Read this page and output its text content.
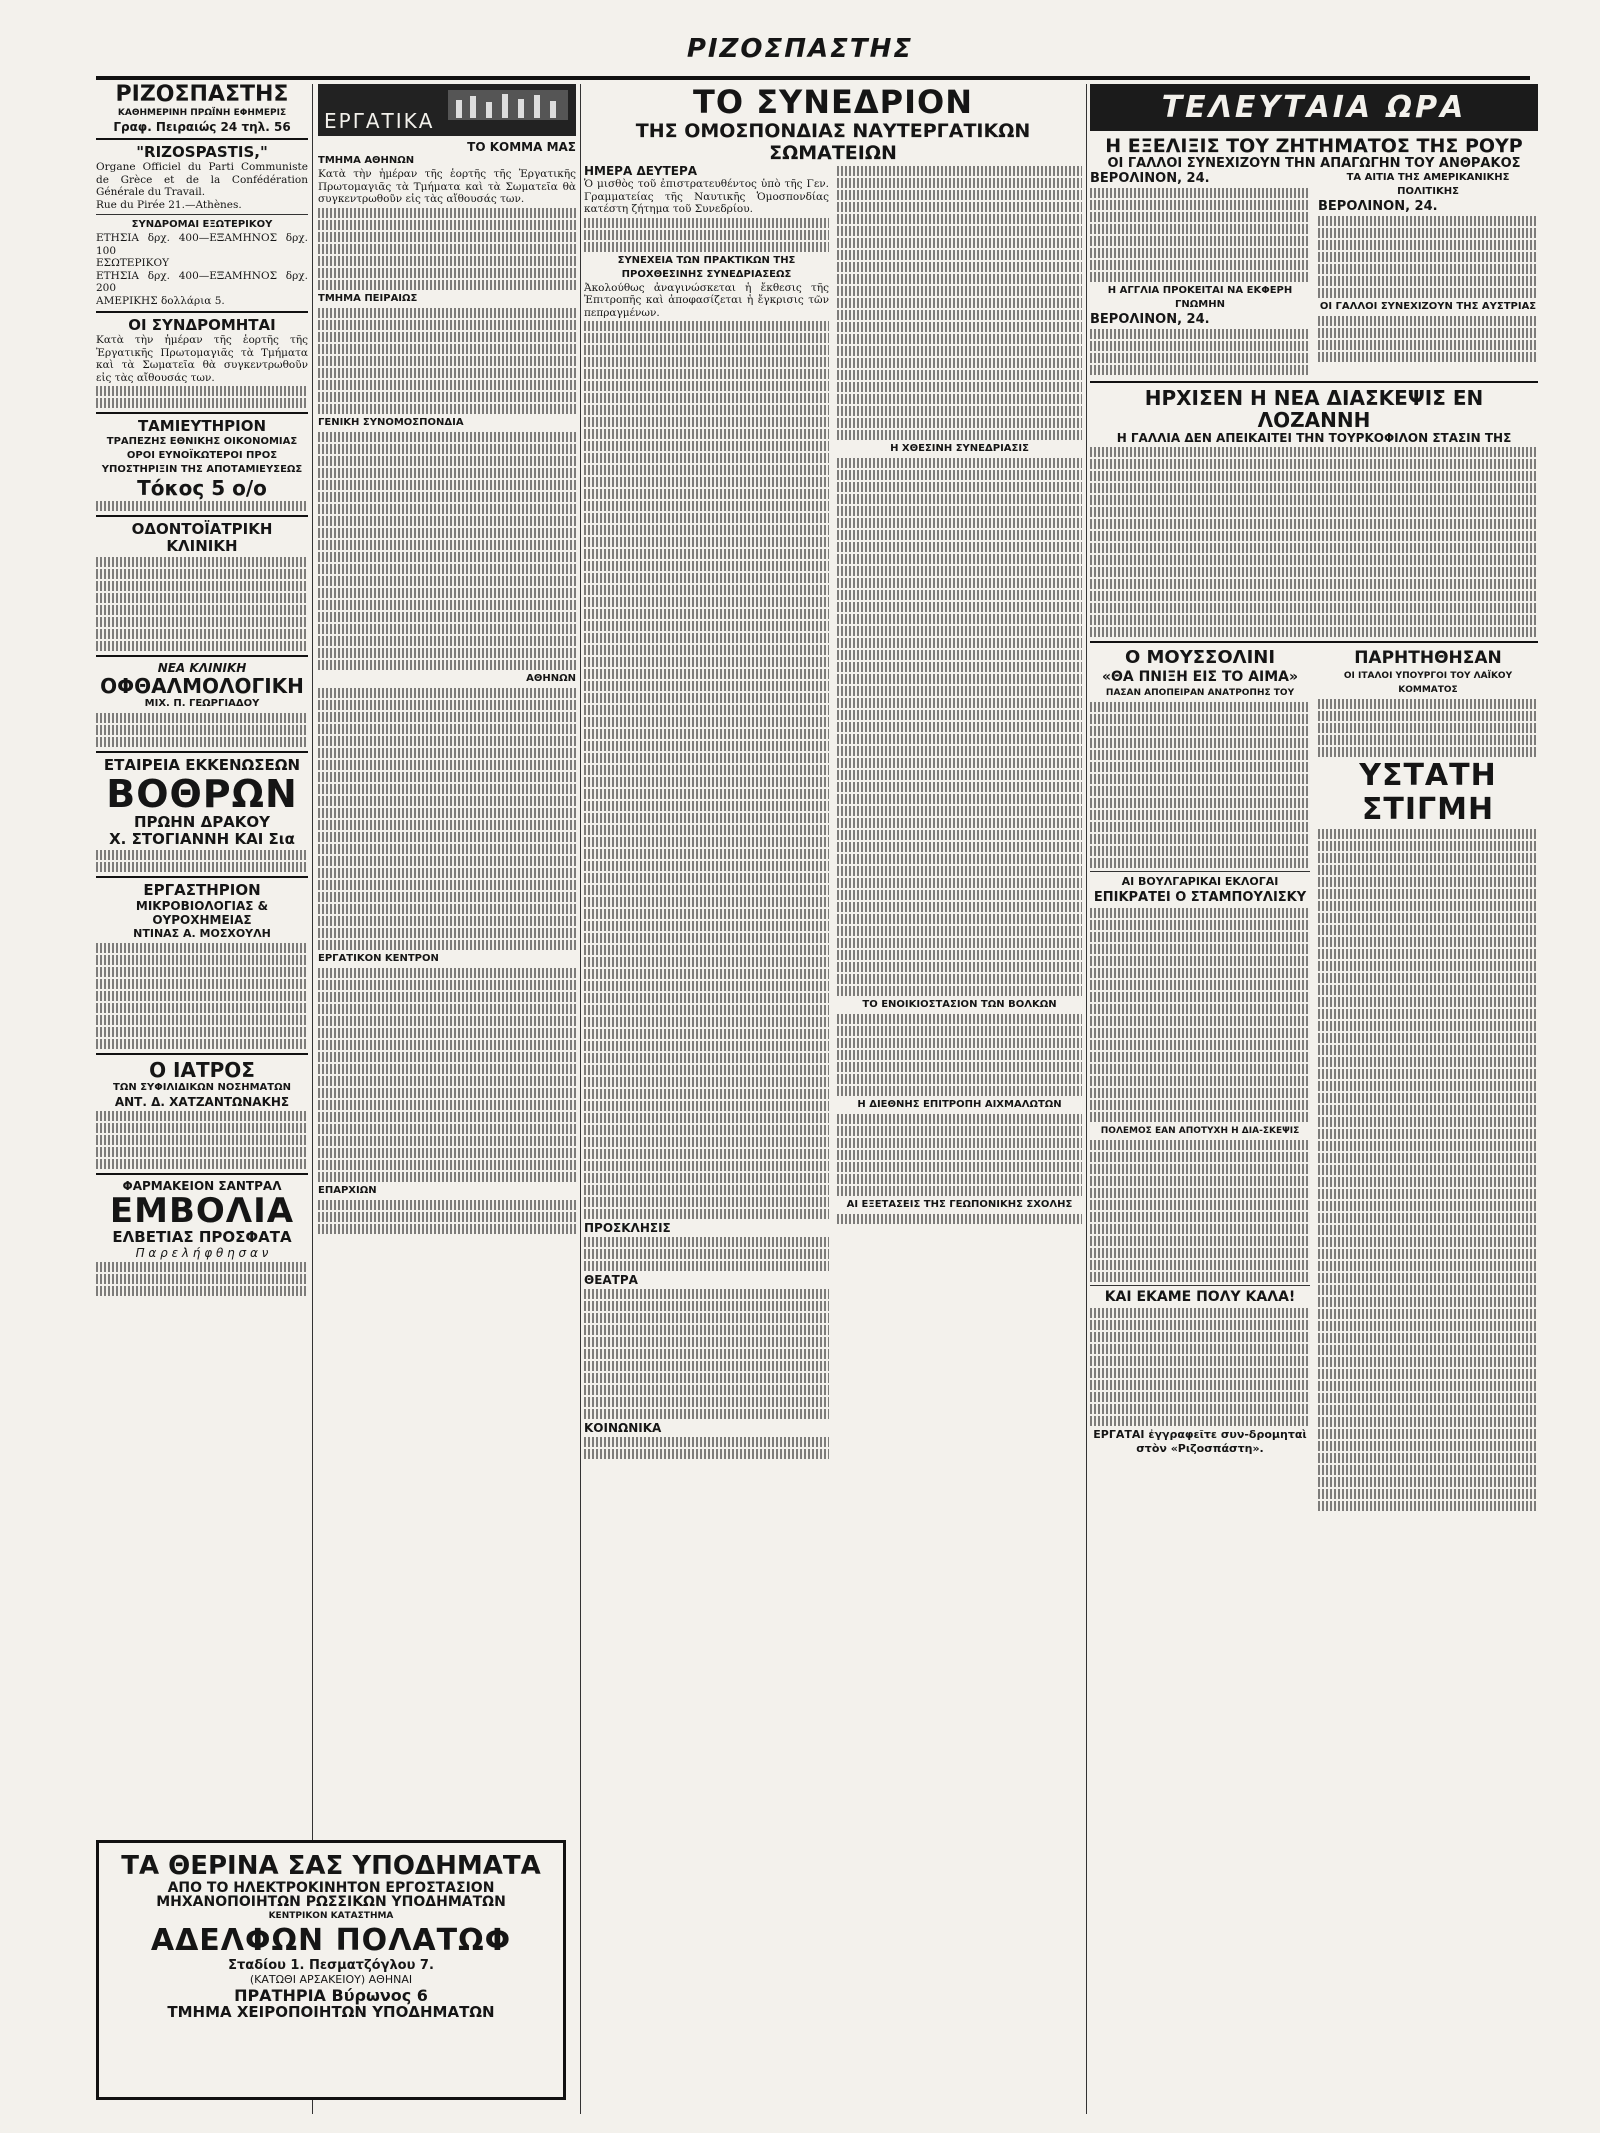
ΡΙΖΟΣΠΑΣΤΗΣ
ΡΙΖΟΣΠΑΣΤΗΣ
ΚΑΘΗΜΕΡΙΝΗ ΠΡΩΪΝΗ ΕΦΗΜΕΡΙΣ
Γραφ. Πειραιώς 24 τηλ. 56
"RIZOSPASTIS,"
Organe Officiel du Parti Communiste de Grèce et de la Confédération Générale du Travail.
Rue du Pirée 21.—Athènes.
ΣΥΝΔΡΟΜΑΙ ΕΞΩΤΕΡΙΚΟΥ
ΕΤΗΣΙΑ δρχ. 400—ΕΞΑΜΗΝΟΣ δρχ. 100
ΕΣΩΤΕΡΙΚΟΥ
ΕΤΗΣΙΑ δρχ. 400—ΕΞΑΜΗΝΟΣ δρχ. 200
ΑΜΕΡΙΚΗΣ δολλάρια 5.
ΟΙ ΣΥΝΔΡΟΜΗΤΑΙ
Κατὰ τὴν ἡμέραν τῆς ἑορτῆς τῆς Ἐργατικῆς Πρωτομαγιᾶς τὰ Τμήματα καὶ τὰ Σωματεῖα θὰ συγκεντρωθοῦν εἰς τὰς αἴθουσάς των.
ΤΑΜΙΕΥΤΗΡΙΟΝ
ΤΡΑΠΕΖΗΣ ΕΘΝΙΚΗΣ ΟΙΚΟΝΟΜΙΑΣ
ΟΡΟΙ ΕΥΝΟΪΚΩΤΕΡΟΙ ΠΡΟΣ ΥΠΟΣΤΗΡΙΞΙΝ ΤΗΣ ΑΠΟΤΑΜΙΕΥΣΕΩΣ
Τόκος 5 ο/ο
ΟΔΟΝΤΟΪΑΤΡΙΚΗ ΚΛΙΝΙΚΗ
ΝΕΑ ΚΛΙΝΙΚΗ
ΟΦΘΑΛΜΟΛΟΓΙΚΗ
ΜΙΧ. Π. ΓΕΩΡΓΙΑΔΟΥ
ΕΤΑΙΡΕΙΑ ΕΚΚΕΝΩΣΕΩΝ
ΒΟΘΡΩΝ
ΠΡΩΗΝ ΔΡΑΚΟΥ
Χ. ΣΤΟΓΙΑΝΝΗ ΚΑΙ Σια
ΕΡΓΑΣΤΗΡΙΟΝ
ΜΙΚΡΟΒΙΟΛΟΓΙΑΣ & ΟΥΡΟΧΗΜΕΙΑΣ
ΝΤΙΝΑΣ Α. ΜΟΣΧΟΥΛΗ
Ο ΙΑΤΡΟΣ
ΤΩΝ ΣΥΦΙΛΙΔΙΚΩΝ ΝΟΣΗΜΑΤΩΝ
ΑΝΤ. Δ. ΧΑΤΖΑΝΤΩΝΑΚΗΣ
ΦΑΡΜΑΚΕΙΟΝ ΣΑΝΤΡΑΛ
ΕΜΒΟΛΙΑ
ΕΛΒΕΤΙΑΣ ΠΡΟΣΦΑΤΑ
Π α ρ ε λ ή φ θ η σ α ν
ΕΡΓΑΤΙΚΑ
ΤΟ ΚΟΜΜΑ ΜΑΣ
ΤΜΗΜΑ ΑΘΗΝΩΝ
Κατὰ τὴν ἡμέραν τῆς ἑορτῆς τῆς Ἐργατικῆς Πρωτομαγιᾶς τὰ Τμήματα καὶ τὰ Σωματεῖα θὰ συγκεντρωθοῦν εἰς τὰς αἴθουσάς των.
ΤΜΗΜΑ ΠΕΙΡΑΙΩΣ
ΓΕΝΙΚΗ ΣΥΝΟΜΟΣΠΟΝΔΙΑ
ΑΘΗΝΩΝ
ΕΡΓΑΤΙΚΟΝ ΚΕΝΤΡΟΝ
ΕΠΑΡΧΙΩΝ
ΤΟ ΣΥΝΕΔΡΙΟΝ
ΤΗΣ ΟΜΟΣΠΟΝΔΙΑΣ ΝΑΥΤΕΡΓΑΤΙΚΩΝ ΣΩΜΑΤΕΙΩΝ
ΗΜΕΡΑ ΔΕΥΤΕΡΑ
Ὁ μισθὸς τοῦ ἐπιστρατευθέντος ὑπὸ τῆς Γεν. Γραμματείας τῆς Ναυτικῆς Ὁμοσπονδίας κατέστη ζήτημα τοῦ Συνεδρίου.
ΣΥΝΕΧΕΙΑ ΤΩΝ ΠΡΑΚΤΙΚΩΝ ΤΗΣ ΠΡΟΧΘΕΣΙΝΗΣ ΣΥΝΕΔΡΙΑΣΕΩΣ
Ἀκολούθως ἀναγινώσκεται ἡ ἔκθεσις τῆς Ἐπιτροπῆς καὶ ἀποφασίζεται ἡ ἔγκρισις τῶν πεπραγμένων.
ΠΡΟΣΚΛΗΣΙΣ
ΘΕΑΤΡΑ
ΚΟΙΝΩΝΙΚΑ
Η ΧΘΕΣΙΝΗ ΣΥΝΕΔΡΙΑΣΙΣ
ΤΟ ΕΝΟΙΚΙΟΣΤΑΣΙΟΝ ΤΩΝ ΒΟΛΚΩΝ
Η ΔΙΕΘΝΗΣ ΕΠΙΤΡΟΠΗ ΑΙΧΜΑΛΩΤΩΝ
ΑΙ ΕΞΕΤΑΣΕΙΣ ΤΗΣ ΓΕΩΠΟΝΙΚΗΣ ΣΧΟΛΗΣ
ΤΕΛΕΥΤΑΙΑ ΩΡΑ
Η ΕΞΕΛΙΞΙΣ ΤΟΥ ΖΗΤΗΜΑΤΟΣ ΤΗΣ ΡΟΥΡ
ΟΙ ΓΑΛΛΟΙ ΣΥΝΕΧΙΖΟΥΝ ΤΗΝ ΑΠΑΓΩΓΗΝ ΤΟΥ ΑΝΘΡΑΚΟΣ
ΒΕΡΟΛΙΝΟΝ, 24.
Η ΑΓΓΛΙΑ ΠΡΟΚΕΙΤΑΙ ΝΑ ΕΚΦΕΡΗ ΓΝΩΜΗΝ
ΒΕΡΟΛΙΝΟΝ, 24.
ΤΑ ΑΙΤΙΑ ΤΗΣ ΑΜΕΡΙΚΑΝΙΚΗΣ ΠΟΛΙΤΙΚΗΣ
ΒΕΡΟΛΙΝΟΝ, 24.
ΟΙ ΓΑΛΛΟΙ ΣΥΝΕΧΙΖΟΥΝ ΤΗΣ ΑΥΣΤΡΙΑΣ
ΗΡΧΙΣΕΝ Η ΝΕΑ ΔΙΑΣΚΕΨΙΣ ΕΝ ΛΟΖΑΝΝΗ
Η ΓΑΛΛΙΑ ΔΕΝ ΑΠΕΙΚΑΙΤΕΙ ΤΗΝ ΤΟΥΡΚΟΦΙΛΟΝ ΣΤΑΣΙΝ ΤΗΣ
Ο ΜΟΥΣΣΟΛΙΝΙ
«ΘΑ ΠΝΙΞΗ ΕΙΣ ΤΟ ΑΙΜΑ»
ΠΑΣΑΝ ΑΠΟΠΕΙΡΑΝ ΑΝΑΤΡΟΠΗΣ ΤΟΥ
ΑΙ ΒΟΥΛΓΑΡΙΚΑΙ ΕΚΛΟΓΑΙ
ΕΠΙΚΡΑΤΕΙ Ο ΣΤΑΜΠΟΥΛΙΣΚΥ
ΠΟΛΕΜΟΣ ΕΑΝ ΑΠΟΤΥΧΗ Η ΔΙΑ-ΣΚΕΨΙΣ
ΚΑΙ ΕΚΑΜΕ ΠΟΛΥ ΚΑΛΑ!
ΕΡΓΑΤΑΙ ἐγγραφεῖτε συν-δρομηταὶ στὸν «Ριζοσπάστη».
ΠΑΡΗΤΗΘΗΣΑΝ
ΟΙ ΙΤΑΛΟΙ ΥΠΟΥΡΓΟΙ ΤΟΥ ΛΑΪΚΟΥ ΚΟΜΜΑΤΟΣ
ΥΣΤΑΤΗ ΣΤΙΓΜΗ
ΤΑ ΘΕΡΙΝΑ ΣΑΣ ΥΠΟΔΗΜΑΤΑ
ΑΠΟ ΤΟ ΗΛΕΚΤΡΟΚΙΝΗΤΟΝ ΕΡΓΟΣΤΑΣΙΟΝ
ΜΗΧΑΝΟΠΟΙΗΤΩΝ ΡΩΣΣΙΚΩΝ ΥΠΟΔΗΜΑΤΩΝ
ΚΕΝΤΡΙΚΟΝ ΚΑΤΑΣΤΗΜΑ
ΑΔΕΛΦΩΝ ΠΟΛΑΤΩΦ
Σταδίου 1. Πεσματζόγλου 7.
(ΚΑΤΩΘΙ ΑΡΣΑΚΕΙΟΥ) ΑΘΗΝΑΙ
ΠΡΑΤΗΡΙΑ Βύρωνος 6
ΤΜΗΜΑ ΧΕΙΡΟΠΟΙΗΤΩΝ ΥΠΟΔΗΜΑΤΩΝ
